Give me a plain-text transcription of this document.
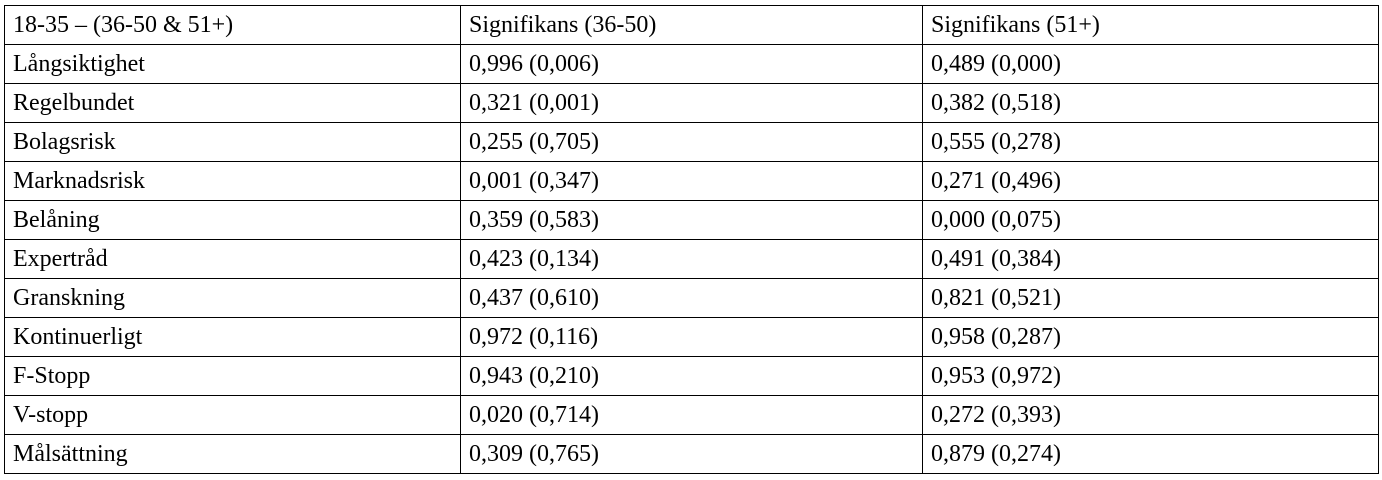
18-35 – (36-50 & 51+)	Signifikans (36-50)	Signifikans (51+)
Långsiktighet	0,996 (0,006)	0,489 (0,000)
Regelbundet	0,321 (0,001)	0,382 (0,518)
Bolagsrisk	0,255 (0,705)	0,555 (0,278)
Marknadsrisk	0,001 (0,347)	0,271 (0,496)
Belåning	0,359 (0,583)	0,000 (0,075)
Expertråd	0,423 (0,134)	0,491 (0,384)
Granskning	0,437 (0,610)	0,821 (0,521)
Kontinuerligt	0,972 (0,116)	0,958 (0,287)
F-Stopp	0,943 (0,210)	0,953 (0,972)
V-stopp	0,020 (0,714)	0,272 (0,393)
Målsättning	0,309 (0,765)	0,879 (0,274)
